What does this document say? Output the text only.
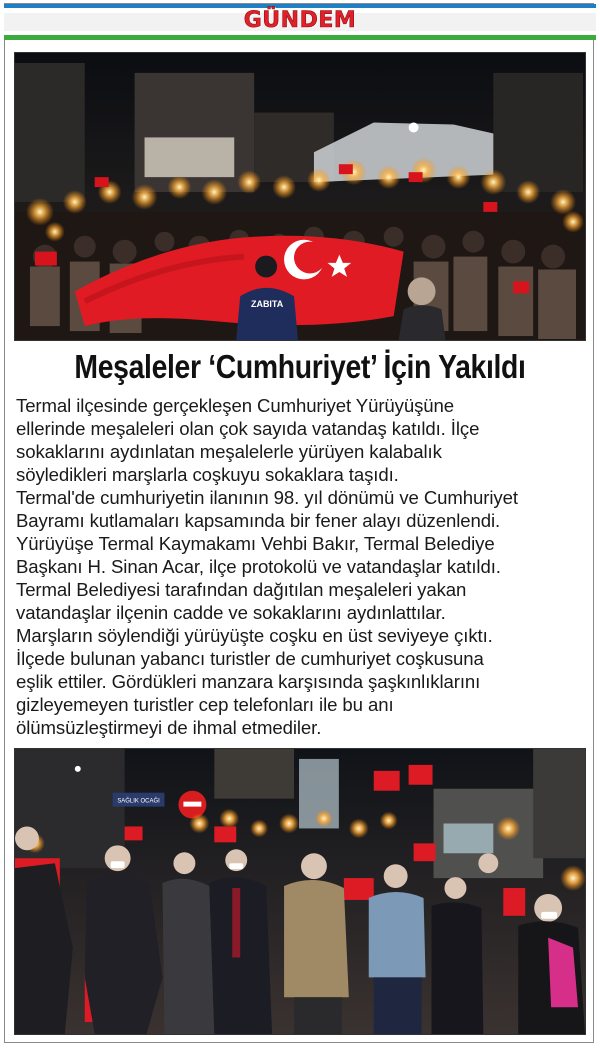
GÜNDEM
ZABITA
Meşaleler ‘Cumhuriyet’ İçin Yakıldı

Termal ilçesinde gerçekleşen Cumhuriyet Yürüyüşüne

ellerinde meşaleleri olan çok sayıda vatandaş katıldı. İlçe

sokaklarını aydınlatan meşalelerle yürüyen kalabalık

söyledikleri marşlarla coşkuyu sokaklara taşıdı.

Termal'de cumhuriyetin ilanının 98. yıl dönümü ve Cumhuriyet

Bayramı kutlamaları kapsamında bir fener alayı düzenlendi.

Yürüyüşe Termal Kaymakamı Vehbi Bakır, Termal Belediye

Başkanı H. Sinan Acar, ilçe protokolü ve vatandaşlar katıldı.

Termal Belediyesi tarafından dağıtılan meşaleleri yakan

vatandaşlar ilçenin cadde ve sokaklarını aydınlattılar.

Marşların söylendiği yürüyüşte coşku en üst seviyeye çıktı.

İlçede bulunan yabancı turistler de cumhuriyet coşkusuna

eşlik ettiler. Gördükleri manzara karşısında şaşkınlıklarını

gizleyemeyen turistler cep telefonları ile bu anı

ölümsüzleştirmeyi de ihmal etmediler.

SAĞLIK OCAĞI
